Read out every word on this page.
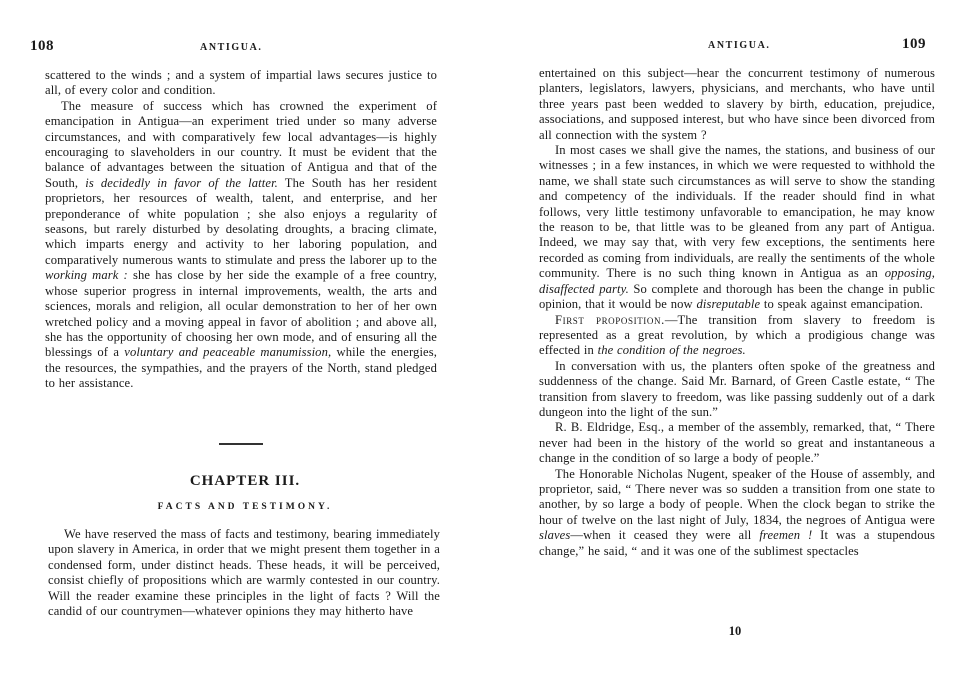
108	ANTIGUA.

scattered to the winds ; and a system of impartial laws secures justice to all, of every color and condition.

The measure of success which has crowned the experiment of emancipation in Antigua—an experiment tried under so many adverse circumstances, and with comparatively few local advantages—is highly encouraging to slaveholders in our country. It must be evident that the balance of advantages between the situation of Antigua and that of the South, is decidedly in favor of the latter. The South has her resident proprietors, her resources of wealth, talent, and enterprise, and her preponderance of white population ; she also enjoys a regularity of seasons, but rarely disturbed by desolating droughts, a bracing climate, which imparts energy and activity to her laboring population, and comparatively numerous wants to stimulate and press the laborer up to the working mark : she has close by her side the example of a free country, whose superior progress in internal improvements, wealth, the arts and sciences, morals and religion, all ocular demonstration to her of her own wretched policy and a moving appeal in favor of abolition ; and above all, she has the opportunity of choosing her own mode, and of ensuring all the blessings of a voluntary and peaceable manumission, while the energies, the resources, the sympathies, and the prayers of the North, stand pledged to her assistance.

CHAPTER III.
FACTS AND TESTIMONY.

We have reserved the mass of facts and testimony, bearing immediately upon slavery in America, in order that we might present them together in a condensed form, under distinct heads. These heads, it will be perceived, consist chiefly of propositions which are warmly contested in our country. Will the reader examine these principles in the light of facts ? Will the candid of our countrymen—whatever opinions they may hitherto have

ANTIGUA.	109

entertained on this subject—hear the concurrent testimony of numerous planters, legislators, lawyers, physicians, and merchants, who have until three years past been wedded to slavery by birth, education, prejudice, associations, and supposed interest, but who have since been divorced from all connection with the system ?

In most cases we shall give the names, the stations, and business of our witnesses ; in a few instances, in which we were requested to withhold the name, we shall state such circumstances as will serve to show the standing and competency of the individuals. If the reader should find in what follows, very little testimony unfavorable to emancipation, he may know the reason to be, that little was to be gleaned from any part of Antigua. Indeed, we may say that, with very few exceptions, the sentiments here recorded as coming from individuals, are really the sentiments of the whole community. There is no such thing known in Antigua as an opposing, disaffected party. So complete and thorough has been the change in public opinion, that it would be now disreputable to speak against emancipation.

First proposition.—The transition from slavery to freedom is represented as a great revolution, by which a prodigious change was effected in the condition of the negroes.

In conversation with us, the planters often spoke of the greatness and suddenness of the change. Said Mr. Barnard, of Green Castle estate, “ The transition from slavery to freedom, was like passing suddenly out of a dark dungeon into the light of the sun.”

R. B. Eldridge, Esq., a member of the assembly, remarked, that, “ There never had been in the history of the world so great and instantaneous a change in the condition of so large a body of people.”

The Honorable Nicholas Nugent, speaker of the House of assembly, and proprietor, said, “ There never was so sudden a transition from one state to another, by so large a body of people. When the clock began to strike the hour of twelve on the last night of July, 1834, the negroes of Antigua were slaves—when it ceased they were all freemen ! It was a stupendous change,” he said, “ and it was one of the sublimest spectacles

10
